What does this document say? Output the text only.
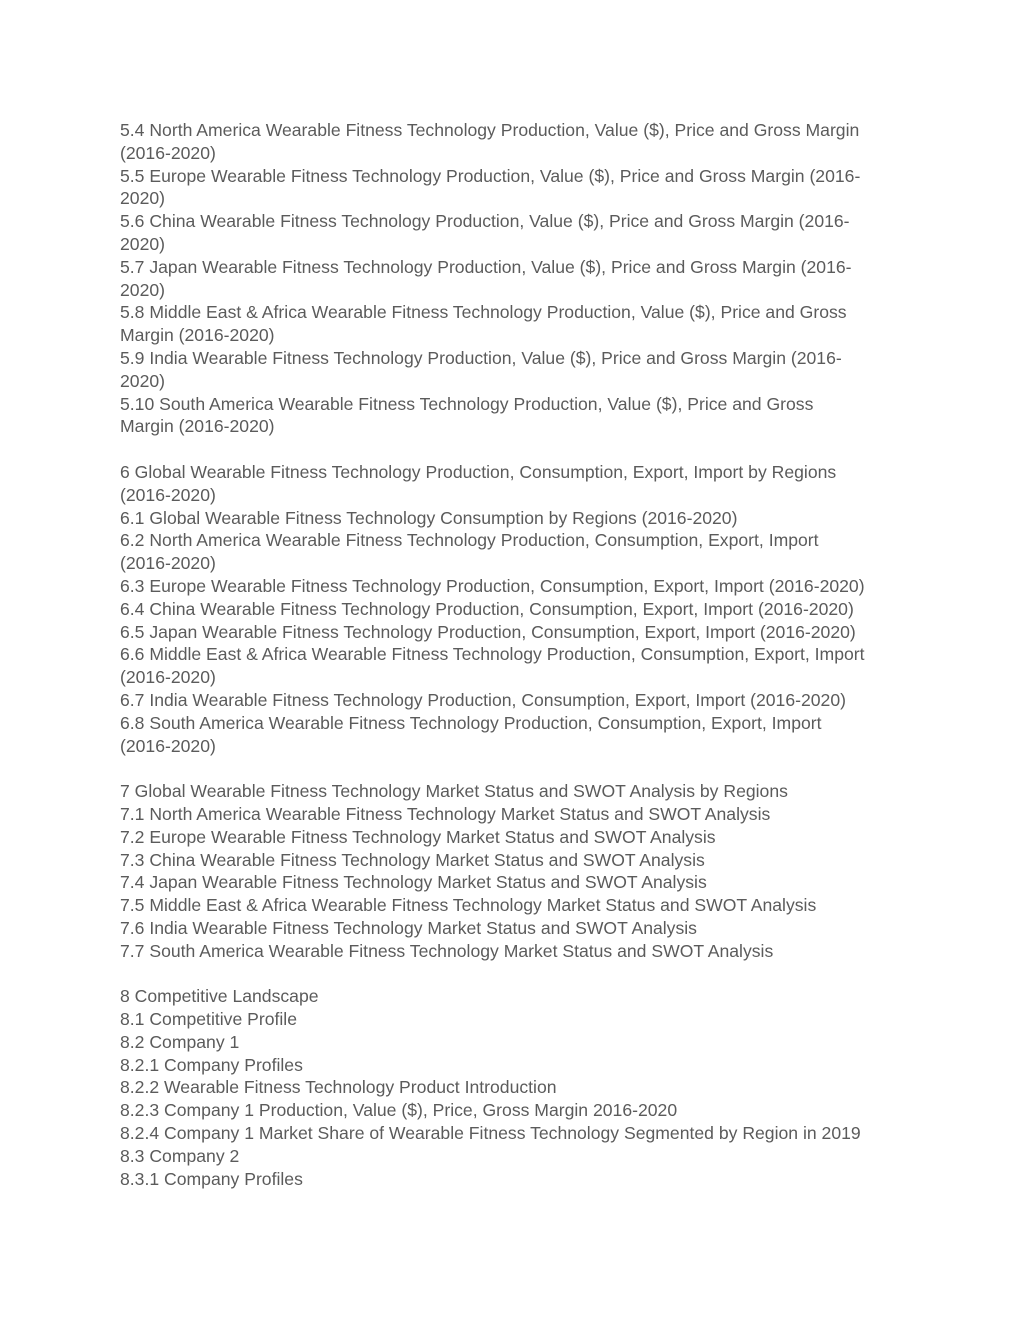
5.4 North America Wearable Fitness Technology Production, Value ($), Price and Gross Margin
(2016-2020)
5.5 Europe Wearable Fitness Technology Production, Value ($), Price and Gross Margin (2016-
2020)
5.6 China Wearable Fitness Technology Production, Value ($), Price and Gross Margin (2016-
2020)
5.7 Japan Wearable Fitness Technology Production, Value ($), Price and Gross Margin (2016-
2020)
5.8 Middle East & Africa Wearable Fitness Technology Production, Value ($), Price and Gross
Margin (2016-2020)
5.9 India Wearable Fitness Technology Production, Value ($), Price and Gross Margin (2016-
2020)
5.10 South America Wearable Fitness Technology Production, Value ($), Price and Gross
Margin (2016-2020)
6 Global Wearable Fitness Technology Production, Consumption, Export, Import by Regions
(2016-2020)
6.1 Global Wearable Fitness Technology Consumption by Regions (2016-2020)
6.2 North America Wearable Fitness Technology Production, Consumption, Export, Import
(2016-2020)
6.3 Europe Wearable Fitness Technology Production, Consumption, Export, Import (2016-2020)
6.4 China Wearable Fitness Technology Production, Consumption, Export, Import (2016-2020)
6.5 Japan Wearable Fitness Technology Production, Consumption, Export, Import (2016-2020)
6.6 Middle East & Africa Wearable Fitness Technology Production, Consumption, Export, Import
(2016-2020)
6.7 India Wearable Fitness Technology Production, Consumption, Export, Import (2016-2020)
6.8 South America Wearable Fitness Technology Production, Consumption, Export, Import
(2016-2020)
7 Global Wearable Fitness Technology Market Status and SWOT Analysis by Regions
7.1 North America Wearable Fitness Technology Market Status and SWOT Analysis
7.2 Europe Wearable Fitness Technology Market Status and SWOT Analysis
7.3 China Wearable Fitness Technology Market Status and SWOT Analysis
7.4 Japan Wearable Fitness Technology Market Status and SWOT Analysis
7.5 Middle East & Africa Wearable Fitness Technology Market Status and SWOT Analysis
7.6 India Wearable Fitness Technology Market Status and SWOT Analysis
7.7 South America Wearable Fitness Technology Market Status and SWOT Analysis
8 Competitive Landscape
8.1 Competitive Profile
8.2 Company 1
8.2.1 Company Profiles
8.2.2 Wearable Fitness Technology Product Introduction
8.2.3 Company 1 Production, Value ($), Price, Gross Margin 2016-2020
8.2.4 Company 1 Market Share of Wearable Fitness Technology Segmented by Region in 2019
8.3 Company 2
8.3.1 Company Profiles
